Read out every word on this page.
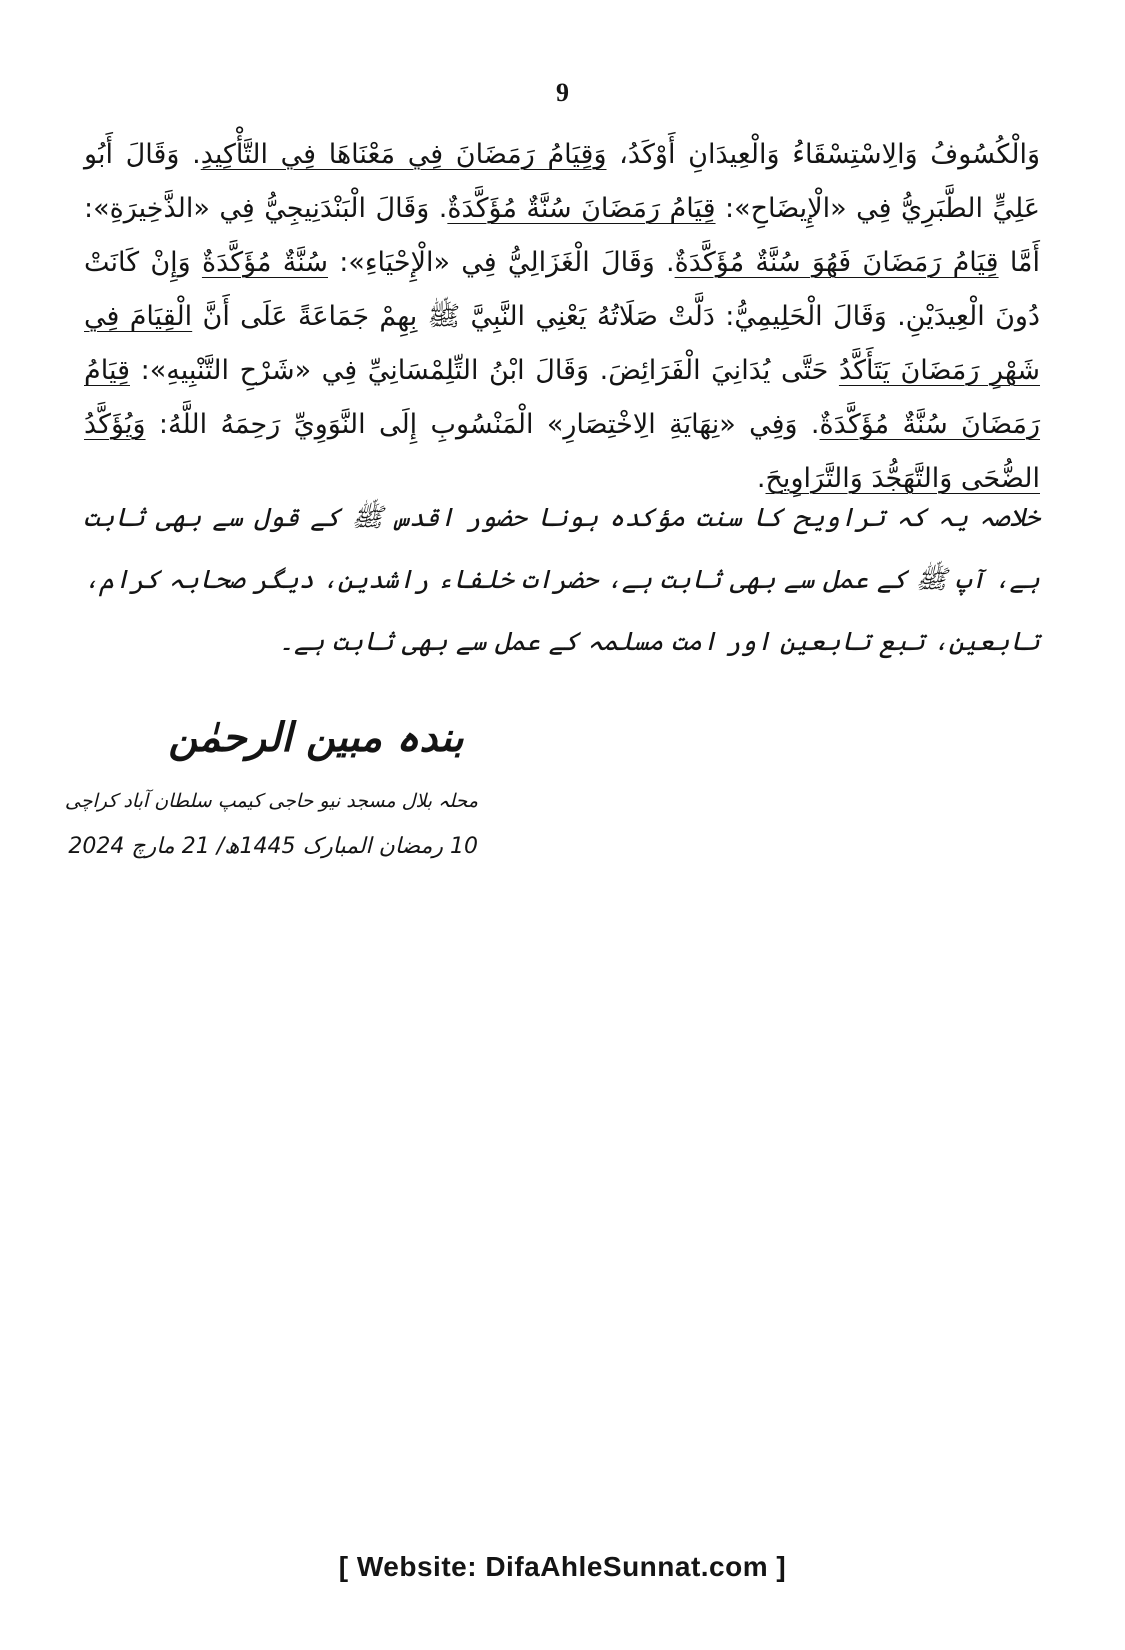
9
وَالْكُسُوفُ وَالِاسْتِسْقَاءُ وَالْعِيدَانِ أَوْكَدُ، وَقِيَامُ رَمَضَانَ فِي مَعْنَاهَا فِي التَّأْكِيدِ. وَقَالَ أَبُو عَلِيٍّ الطَّبَرِيُّ فِي «الْإِيضَاحِ»: قِيَامُ رَمَضَانَ سُنَّةٌ مُؤَكَّدَةٌ. وَقَالَ الْبَنْدَنِيجِيُّ فِي «الذَّخِيرَةِ»: أَمَّا قِيَامُ رَمَضَانَ فَهُوَ سُنَّةٌ مُؤَكَّدَةٌ. وَقَالَ الْغَزَالِيُّ فِي «الْإِحْيَاءِ»: سُنَّةٌ مُؤَكَّدَةٌ وَإِنْ كَانَتْ دُونَ الْعِيدَيْنِ. وَقَالَ الْحَلِيمِيُّ: دَلَّتْ صَلَاتُهُ يَعْنِي النَّبِيَّ ﷺ بِهِمْ جَمَاعَةً عَلَى أَنَّ الْقِيَامَ فِي شَهْرِ رَمَضَانَ يَتَأَكَّدُ حَتَّى يُدَانِيَ الْفَرَائِضَ. وَقَالَ ابْنُ التِّلِمْسَانِيِّ فِي «شَرْحِ التَّنْبِيهِ»: قِيَامُ رَمَضَانَ سُنَّةٌ مُؤَكَّدَةٌ. وَفِي «نِهَايَةِ الِاخْتِصَارِ» الْمَنْسُوبِ إِلَى النَّوَوِيِّ رَحِمَهُ اللَّهُ: وَيُؤَكَّدُ الضُّحَى وَالتَّهَجُّدَ وَالتَّرَاوِيحَ.
خلاصہ یہ کہ تراویح کا سنت مؤکدہ ہونا حضور اقدس ﷺ کے قول سے بھی ثابت ہے، آپ ﷺ کے عمل سے بھی ثابت ہے، حضرات خلفاء راشدین، دیگر صحابہ کرام، تابعین، تبع تابعین اور امت مسلمہ کے عمل سے بھی ثابت ہے۔
بندہ مبین الرحمٰن
محلہ بلال مسجد نیو حاجی کیمپ سلطان آباد کراچی
10 رمضان المبارک 1445ھ/ 21 مارچ 2024
[ Website: DifaAhleSunnat.com ]
